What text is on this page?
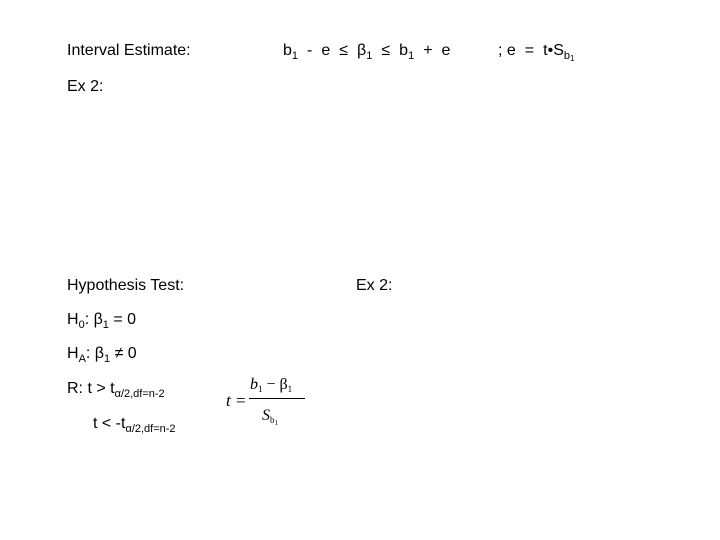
Interval Estimate:	$b_1 - e \le \beta_1 \le b_1 + e$	; $e = t•S_{b_1}$
Ex 2:
Hypothesis Test:	Ex 2:
$H_0$: $\beta_1 = 0$
$H_A$: $\beta_1 \ne 0$
R: $t > t_{\alpha/2,df=n-2}$
$t < -t_{\alpha/2,df=n-2}$
t =
$b_1 - \beta_1$
$S_{b_1}$
